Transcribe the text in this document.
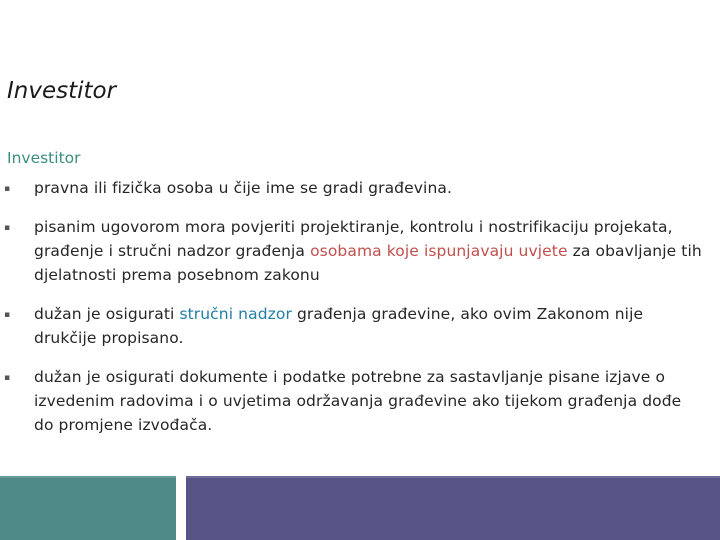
Investitor
Investitor
▪ pravna ili fizička osoba u čije ime se gradi građevina.
▪ pisanim ugovorom mora povjeriti projektiranje, kontrolu i nostrifikaciju projekata, građenje i stručni nadzor građenja osobama koje ispunjavaju uvjete za obavljanje tih djelatnosti prema posebnom zakonu
▪ dužan je osigurati stručni nadzor građenja građevine, ako ovim Zakonom nije drukčije propisano.
▪ dužan je osigurati dokumente i podatke potrebne za sastavljanje pisane izjave o izvedenim radovima i o uvjetima održavanja građevine ako tijekom građenja dođe do promjene izvođača.
